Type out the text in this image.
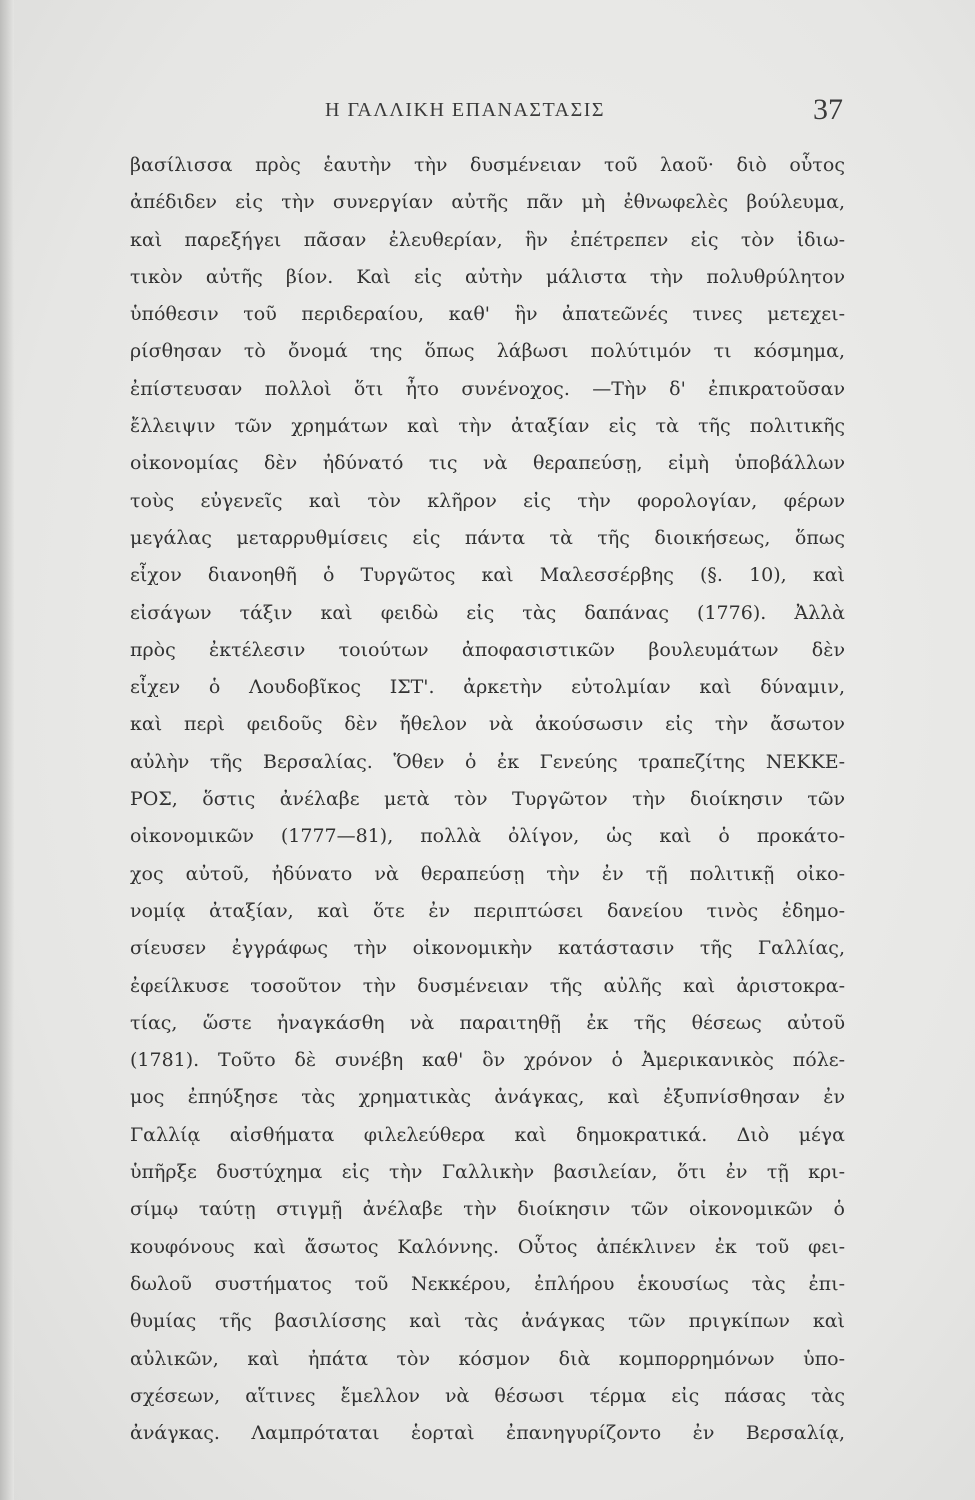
Η ΓΑΛΛΙΚΗ ΕΠΑΝΑΣΤΑΣΙΣ	37
βασίλισσα πρὸς ἑαυτὴν τὴν δυσμένειαν τοῦ λαοῦ· διὸ οὗτος
ἀπέδιδεν εἰς τὴν συνεργίαν αὐτῆς πᾶν μὴ ἐθνωφελὲς βούλευμα,
καὶ παρεξήγει πᾶσαν ἐλευθερίαν, ἣν ἐπέτρεπεν εἰς τὸν ἰδιω-
τικὸν αὐτῆς βίον. Καὶ εἰς αὐτὴν μάλιστα τὴν πολυθρύλητον
ὑπόθεσιν τοῦ περιδεραίου, καθ' ἣν ἀπατεῶνές τινες μετεχει-
ρίσθησαν τὸ ὄνομά της ὅπως λάβωσι πολύτιμόν τι κόσμημα,
ἐπίστευσαν πολλοὶ ὅτι ἦτο συνένοχος. —Τὴν δ' ἐπικρατοῦσαν
ἔλλειψιν τῶν χρημάτων καὶ τὴν ἀταξίαν εἰς τὰ τῆς πολιτικῆς
οἰκονομίας δὲν ἠδύνατό τις νὰ θεραπεύσῃ, εἰμὴ ὑποβάλλων
τοὺς εὐγενεῖς καὶ τὸν κλῆρον εἰς τὴν φορολογίαν, φέρων
μεγάλας μεταρρυθμίσεις εἰς πάντα τὰ τῆς διοικήσεως, ὅπως
εἶχον διανοηθῆ ὁ Τυργῶτος καὶ Μαλεσσέρβης (§. 10), καὶ
εἰσάγων τάξιν καὶ φειδὼ εἰς τὰς δαπάνας (1776). Ἀλλὰ
πρὸς ἐκτέλεσιν τοιούτων ἀποφασιστικῶν βουλευμάτων δὲν
εἶχεν ὁ Λουδοβῖκος ΙΣΤ'. ἀρκετὴν εὐτολμίαν καὶ δύναμιν,
καὶ περὶ φειδοῦς δὲν ἤθελον νὰ ἀκούσωσιν εἰς τὴν ἄσωτον
αὐλὴν τῆς Βερσαλίας. Ὅθεν ὁ ἐκ Γενεύης τραπεζίτης ΝΕΚΚΕ-
ΡΟΣ, ὅστις ἀνέλαβε μετὰ τὸν Τυργῶτον τὴν διοίκησιν τῶν
οἰκονομικῶν (1777—81), πολλὰ ὀλίγον, ὡς καὶ ὁ προκάτο-
χος αὐτοῦ, ἠδύνατο νὰ θεραπεύσῃ τὴν ἐν τῇ πολιτικῇ οἰκο-
νομίᾳ ἀταξίαν, καὶ ὅτε ἐν περιπτώσει δανείου τινὸς ἐδημο-
σίευσεν ἐγγράφως τὴν οἰκονομικὴν κατάστασιν τῆς Γαλλίας,
ἐφείλκυσε τοσοῦτον τὴν δυσμένειαν τῆς αὐλῆς καὶ ἀριστοκρα-
τίας, ὥστε ἠναγκάσθη νὰ παραιτηθῇ ἐκ τῆς θέσεως αὐτοῦ
(1781). Τοῦτο δὲ συνέβη καθ' ὃν χρόνον ὁ Ἀμερικανικὸς πόλε-
μος ἐπηύξησε τὰς χρηματικὰς ἀνάγκας, καὶ ἐξυπνίσθησαν ἐν
Γαλλίᾳ αἰσθήματα φιλελεύθερα καὶ δημοκρατικά. Διὸ μέγα
ὑπῆρξε δυστύχημα εἰς τὴν Γαλλικὴν βασιλείαν, ὅτι ἐν τῇ κρι-
σίμῳ ταύτῃ στιγμῇ ἀνέλαβε τὴν διοίκησιν τῶν οἰκονομικῶν ὁ
κουφόνους καὶ ἄσωτος Καλόννης. Οὗτος ἀπέκλινεν ἐκ τοῦ φει-
δωλοῦ συστήματος τοῦ Νεκκέρου, ἐπλήρου ἑκουσίως τὰς ἐπι-
θυμίας τῆς βασιλίσσης καὶ τὰς ἀνάγκας τῶν πριγκίπων καὶ
αὐλικῶν, καὶ ἠπάτα τὸν κόσμον διὰ κομπορρημόνων ὑπο-
σχέσεων, αἵτινες ἔμελλον νὰ θέσωσι τέρμα εἰς πάσας τὰς
ἀνάγκας. Λαμπρόταται ἑορταὶ ἐπανηγυρίζοντο ἐν Βερσαλίᾳ,
